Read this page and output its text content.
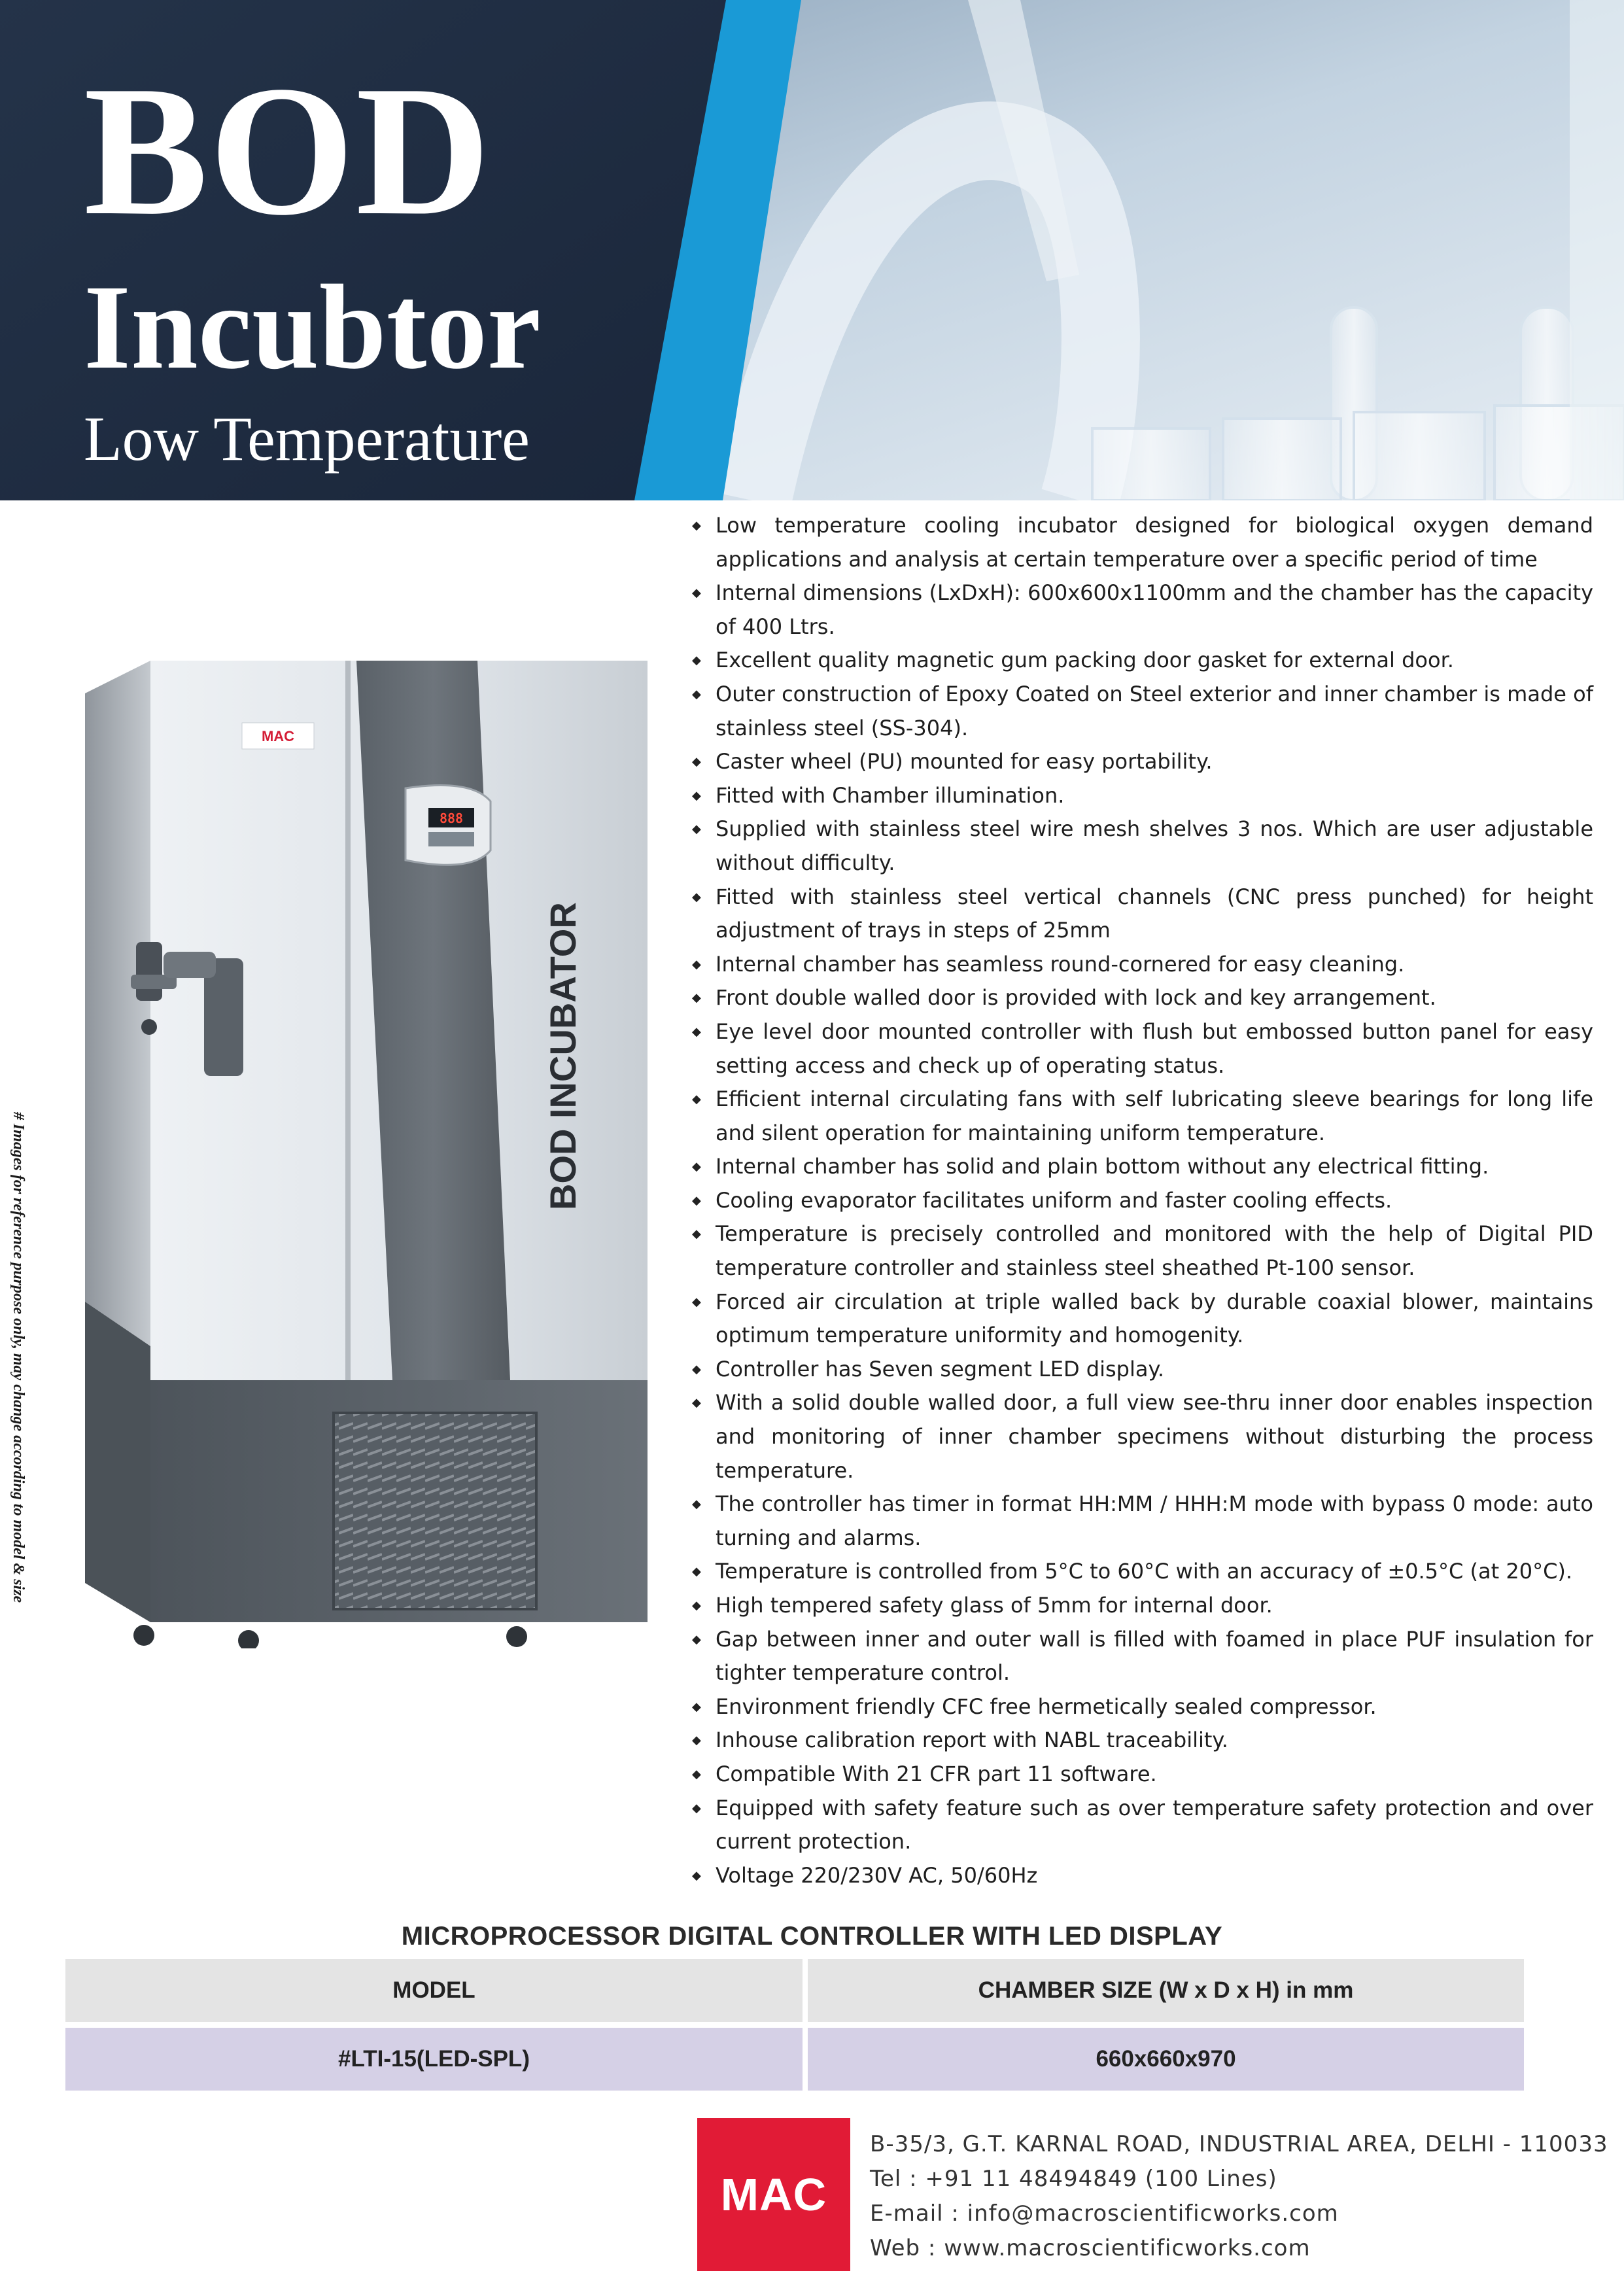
BOD
Incubtor
Low Temperature
# Images for reference purpose only, may change according to model & size
BOD INCUBATOR
MAC
888
◆ Low temperature cooling incubator designed for biological oxygen demand applications and analysis at certain temperature over a specific period of time
◆ Internal dimensions (LxDxH): 600x600x1100mm and the chamber has the capacity of 400 Ltrs.
◆ Excellent quality magnetic gum packing door gasket for external door.
◆ Outer construction of Epoxy Coated on Steel exterior and inner chamber is made of stainless steel (SS-304).
◆ Caster wheel (PU) mounted for easy portability.
◆ Fitted with Chamber illumination.
◆ Supplied with stainless steel wire mesh shelves 3 nos. Which are user adjustable without difficulty.
◆ Fitted with stainless steel vertical channels (CNC press punched) for height adjustment of trays in steps of 25mm
◆ Internal chamber has seamless round-cornered for easy cleaning.
◆ Front double walled door is provided with lock and key arrangement.
◆ Eye level door mounted controller with flush but embossed button panel for easy setting access and check up of operating status.
◆ Efficient internal circulating fans with self lubricating sleeve bearings for long life and silent operation for maintaining uniform temperature.
◆ Internal chamber has solid and plain bottom without any electrical fitting.
◆ Cooling evaporator facilitates uniform and faster cooling effects.
◆ Temperature is precisely controlled and monitored with the help of Digital PID temperature controller and stainless steel sheathed Pt-100 sensor.
◆ Forced air circulation at triple walled back by durable coaxial blower, maintains optimum temperature uniformity and homogenity.
◆ Controller has Seven segment LED display.
◆ With a solid double walled door, a full view see-thru inner door enables inspection and monitoring of inner chamber specimens without disturbing the process temperature.
◆ The controller has timer in format HH:MM / HHH:M mode with bypass 0 mode: auto turning and alarms.
◆ Temperature is controlled from 5°C to 60°C with an accuracy of ±0.5°C (at 20°C).
◆ High tempered safety glass of 5mm for internal door.
◆ Gap between inner and outer wall is filled with foamed in place PUF insulation for tighter temperature control.
◆ Environment friendly CFC free hermetically sealed compressor.
◆ Inhouse calibration report with NABL traceability.
◆ Compatible With 21 CFR part 11 software.
◆ Equipped with safety feature such as over temperature safety protection and over current protection.
◆ Voltage 220/230V AC, 50/60Hz
MICROPROCESSOR DIGITAL CONTROLLER WITH LED DISPLAY
MODEL	CHAMBER SIZE (W x D x H) in mm
#LTI-15(LED-SPL)	660x660x970
MAC
B-35/3, G.T. KARNAL ROAD, INDUSTRIAL AREA, DELHI - 110033
Tel : +91 11 48494849 (100 Lines)
E-mail : info@macroscientificworks.com
Web : www.macroscientificworks.com
